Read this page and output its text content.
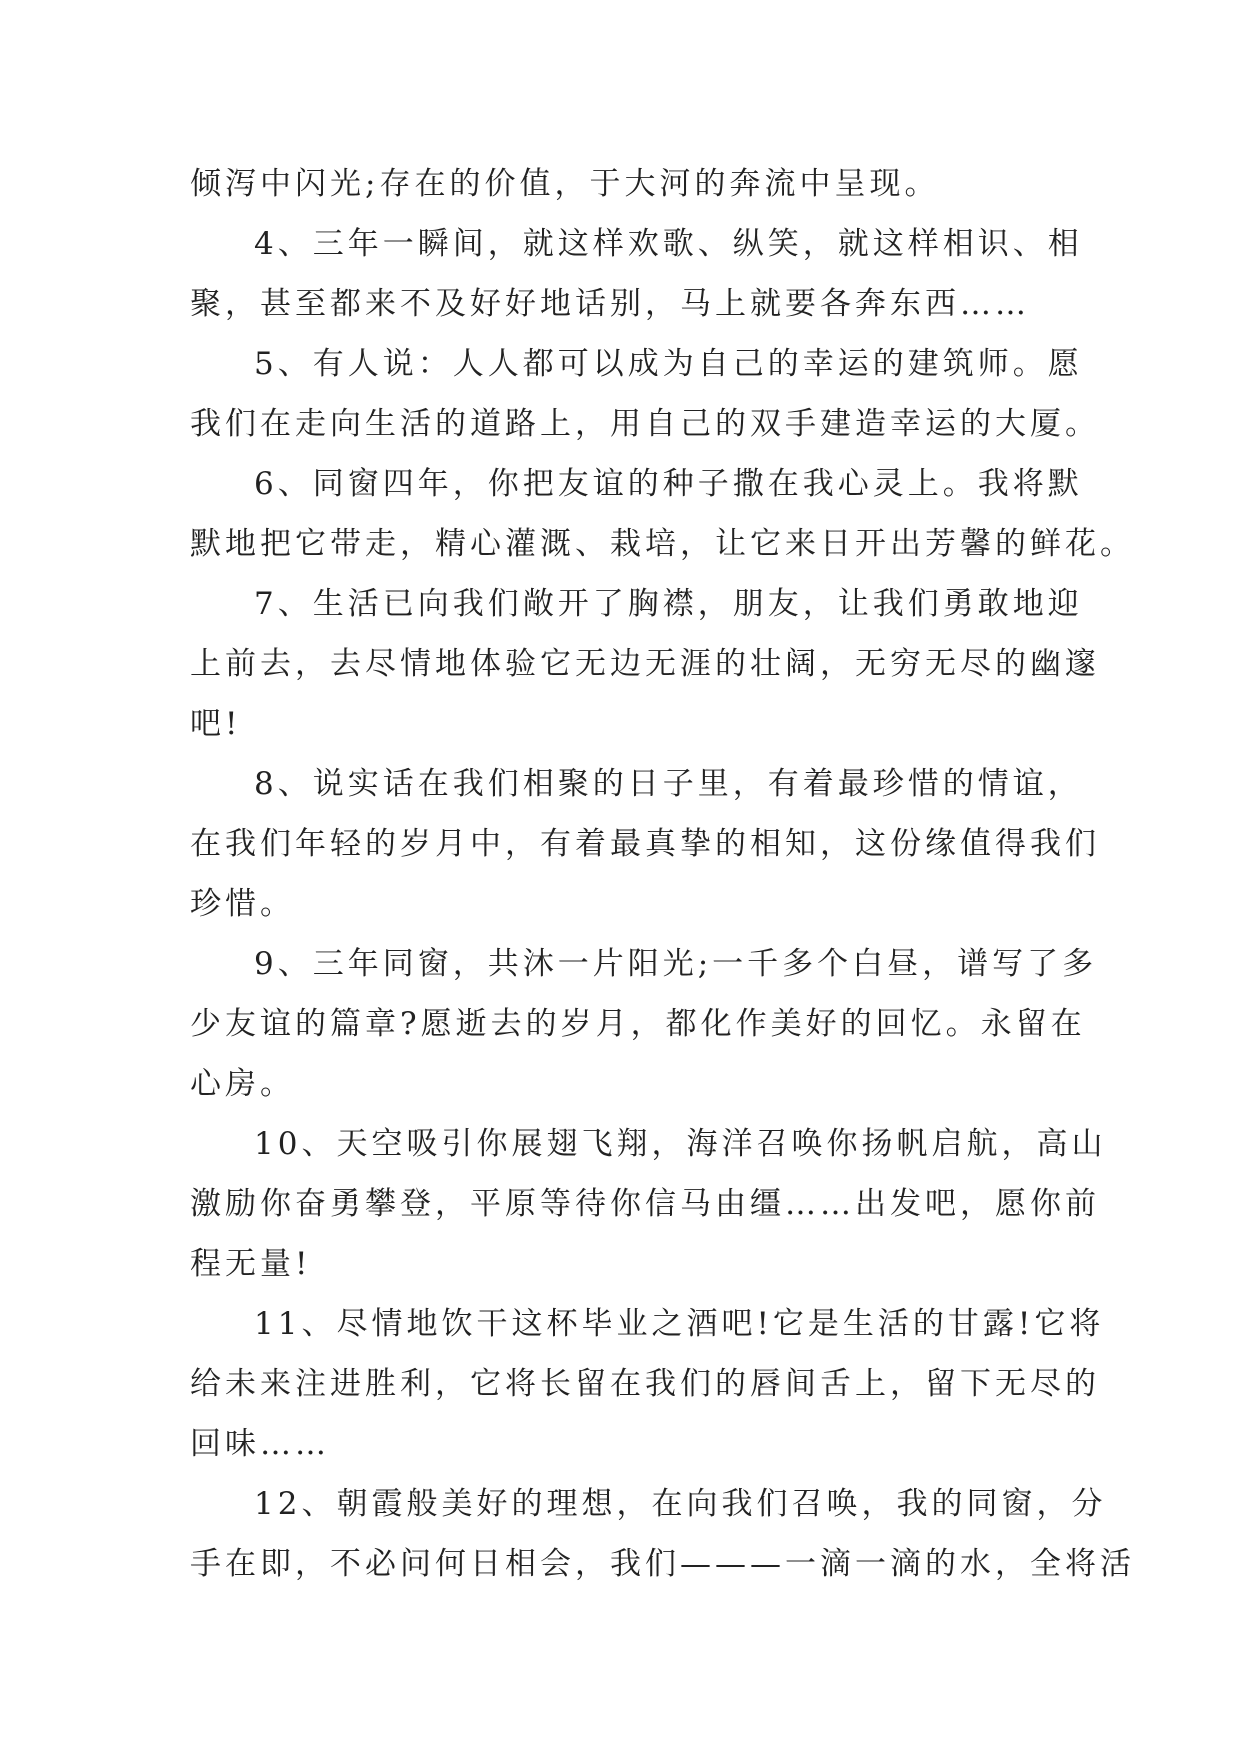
倾泻中闪光;存在的价值，于大河的奔流中呈现。
4、三年一瞬间，就这样欢歌、纵笑，就这样相识、相
聚，甚至都来不及好好地话别，马上就要各奔东西……
5、有人说：人人都可以成为自己的幸运的建筑师。愿
我们在走向生活的道路上，用自己的双手建造幸运的大厦。
6、同窗四年，你把友谊的种子撒在我心灵上。我将默
默地把它带走，精心灌溉、栽培，让它来日开出芳馨的鲜花。
7、生活已向我们敞开了胸襟，朋友，让我们勇敢地迎
上前去，去尽情地体验它无边无涯的壮阔，无穷无尽的幽邃
吧!
8、说实话在我们相聚的日子里，有着最珍惜的情谊，
在我们年轻的岁月中，有着最真挚的相知，这份缘值得我们
珍惜。
9、三年同窗，共沐一片阳光;一千多个白昼，谱写了多
少友谊的篇章?愿逝去的岁月，都化作美好的回忆。永留在
心房。
10、天空吸引你展翅飞翔，海洋召唤你扬帆启航，高山
激励你奋勇攀登，平原等待你信马由缰……出发吧，愿你前
程无量!
11、尽情地饮干这杯毕业之酒吧!它是生活的甘露!它将
给未来注进胜利，它将长留在我们的唇间舌上，留下无尽的
回味……
12、朝霞般美好的理想，在向我们召唤，我的同窗，分
手在即，不必问何日相会，我们———一滴一滴的水，全将活
